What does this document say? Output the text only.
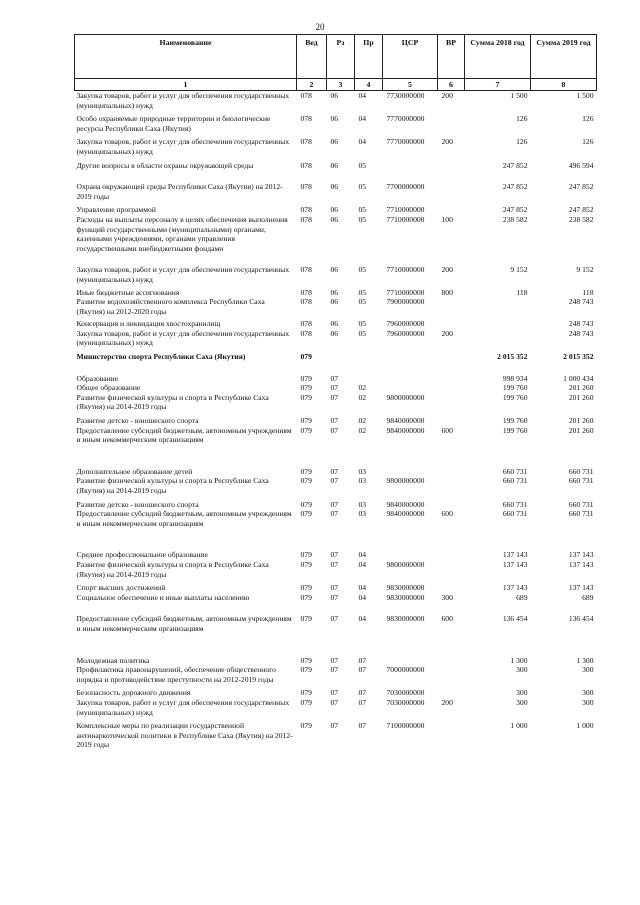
20
Наименование	Вед	Рз	Пр	ЦСР	ВР	Сумма 2018 год	Сумма 2019 год
1	2	3	4	5	6	7	8
Закупка товаров, работ и услуг для обеспечения государственных (муниципальных) нужд	078	06	04	7730000000	200	1 500	1 500
Особо охраняемые природные территории и биологические ресурсы Республики Саха (Якутия)	078	06	04	7770000000		126	126
Закупка товаров, работ и услуг для обеспечения государственных (муниципальных) нужд	078	06	04	7770000000	200	126	126
Другие вопросы в области охраны окружающей среды	078	06	05			247 852	496 594
Охрана окружающей среды Республики Саха (Якутия) на 2012-2019 годы	078	06	05	7700000000		247 852	247 852
Управление программой	078	06	05	7710000000		247 852	247 852
Расходы на выплаты персоналу в целях обеспечения выполнения функций государственными (муниципальными) органами, казенными учреждениями, органами управления государственными внебюджетными фондами	078	06	05	7710000000	100	238 582	238 582
Закупка товаров, работ и услуг для обеспечения государственных (муниципальных) нужд	078	06	05	7710000000	200	9 152	9 152
Иные бюджетные ассигнования	078	06	05	7710000000	800	118	118
Развитие водохозяйственного комплекса Республики Саха (Якутия) на 2012-2020 годы	078	06	05	7900000000			248 743
Консервация и ликвидация хвостохранилищ	078	06	05	7960000000			248 743
Закупка товаров, работ и услуг для обеспечения государственных (муниципальных) нужд	078	06	05	7960000000	200		248 743
Министерство спорта Республики Саха (Якутия)	079					2 015 352	2 015 352
Образование	079	07				998 934	1 000 434
Общее образование	079	07	02			199 760	201 260
Развитие физической культуры и спорта в Республике Саха (Якутия) на 2014-2019 годы	079	07	02	9800000000		199 760	201 260
Развитие детско - юношеского спорта	079	07	02	9840000000		199 760	201 260
Предоставление субсидий бюджетным, автономным учреждениям и иным некоммерческим организациям	079	07	02	9840000000	600	199 760	201 260
Дополнительное образование детей	079	07	03			660 731	660 731
Развитие физической культуры и спорта в Республике Саха (Якутия) на 2014-2019 годы	079	07	03	9800000000		660 731	660 731
Развитие детско - юношеского спорта	079	07	03	9840000000		660 731	660 731
Предоставление субсидий бюджетным, автономным учреждениям и иным некоммерческим организациям	079	07	03	9840000000	600	660 731	660 731
Среднее профессиональное образование	079	07	04			137 143	137 143
Развитие физической культуры и спорта в Республике Саха (Якутия) на 2014-2019 годы	079	07	04	9800000000		137 143	137 143
Спорт высших достижений	079	07	04	9830000000		137 143	137 143
Социальное обеспечение и иные выплаты населению	079	07	04	9830000000	300	689	689
Предоставление субсидий бюджетным, автономным учреждениям и иным некоммерческим организациям	079	07	04	9830000000	600	136 454	136 454
Молодежная политика	079	07	07			1 300	1 300
Профилактика правонарушений, обеспечение общественного порядка и противодействие преступности на 2012-2019 годы	079	07	07	7000000000		300	300
Безопасность дорожного движения	079	07	07	7030000000		300	300
Закупка товаров, работ и услуг для обеспечения государственных (муниципальных) нужд	079	07	07	7030000000	200	300	300
Комплексные меры по реализации государственной антинаркотической политики в Республике Саха (Якутия) на 2012-2019 годы	079	07	07	7100000000		1 000	1 000
